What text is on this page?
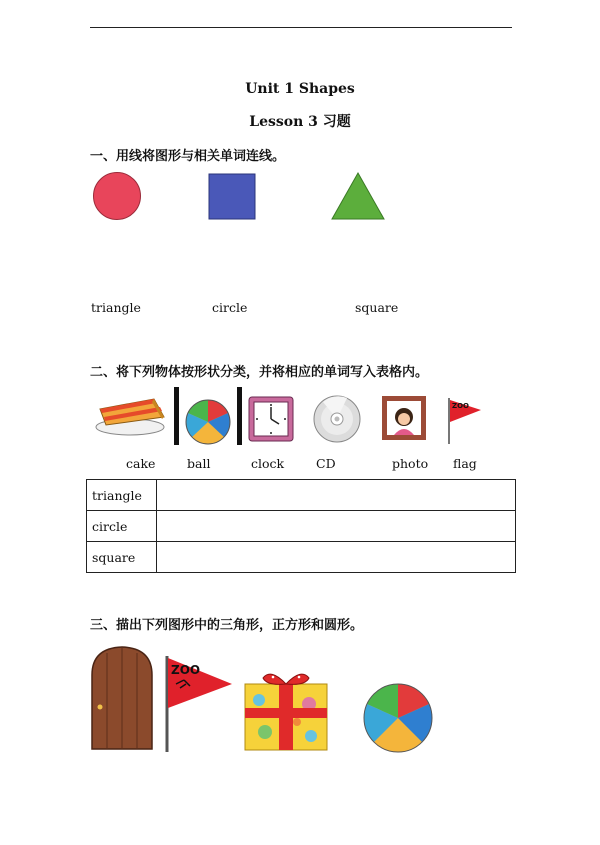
Unit 1 Shapes
Lesson 3 习题
一、用线将图形与相关单词连线。
triangle	circle	square
二、将下列物体按形状分类，并将相应的单词写入表格内。
ZOO
cake	ball	clock	CD	photo flag
triangle	
circle	
square	
三、描出下列图形中的三角形，正方形和圆形。
ZOO
